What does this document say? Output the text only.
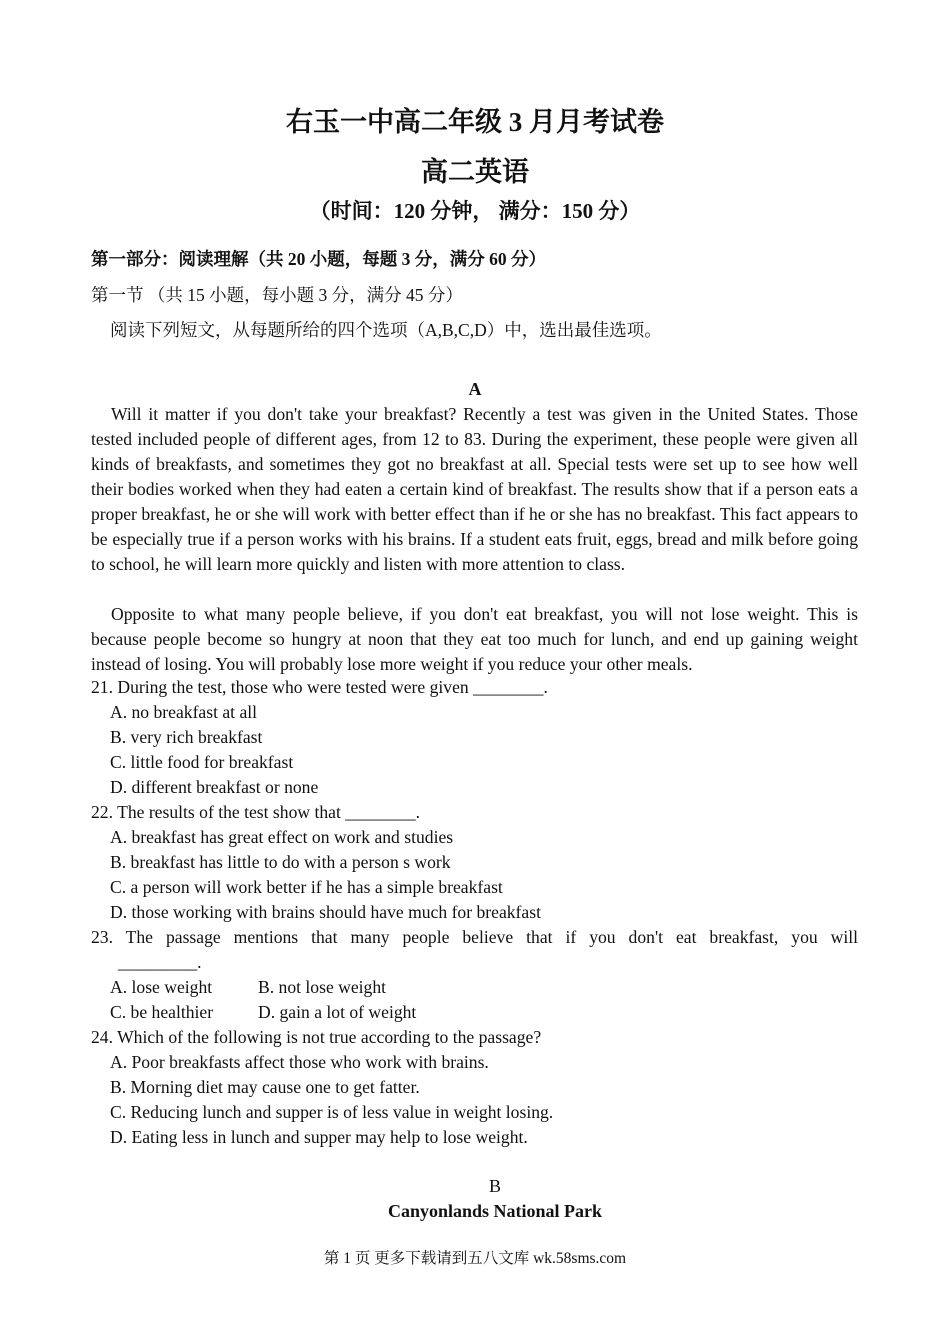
右玉一中高二年级 3 月月考试卷
高二英语
（时间：120 分钟， 满分：150 分）
第一部分：阅读理解（共 20 小题，每题 3 分，满分 60 分）
第一节 （共 15 小题，每小题 3 分，满分 45 分）
阅读下列短文，从每题所给的四个选项（A,B,C,D）中，选出最佳选项。
A

Will it matter if you don't take your breakfast? Recently a test was given in the United States. Those tested included people of different ages, from 12 to 83. During the experiment, these people were given all kinds of breakfasts, and sometimes they got no breakfast at all. Special tests were set up to see how well their bodies worked when they had eaten a certain kind of breakfast. The results show that if a person eats a proper breakfast, he or she will work with better effect than if he or she has no breakfast. This fact appears to be especially true if a person works with his brains. If a student eats fruit, eggs, bread and milk before going to school, he will learn more quickly and listen with more attention to class.

Opposite to what many people believe, if you don't eat breakfast, you will not lose weight. This is because people become so hungry at noon that they eat too much for lunch, and end up gaining weight instead of losing. You will probably lose more weight if you reduce your other meals.

21. During the test, those who were tested were given ________.
A. no breakfast at all
B. very rich breakfast
C. little food for breakfast
D. different breakfast or none
22. The results of the test show that ________.
A. breakfast has great effect on work and studies
B. breakfast has little to do with a person s work
C. a person will work better if he has a simple breakfast
D. those working with brains should have much for breakfast
23. The passage mentions that many people believe that if you don't eat breakfast, you will
_________.
A. lose weight	B. not lose weight
C. be healthier	D. gain a lot of weight
24. Which of the following is not true according to the passage?
A. Poor breakfasts affect those who work with brains.
B. Morning diet may cause one to get fatter.
C. Reducing lunch and supper is of less value in weight losing.
D. Eating less in lunch and supper may help to lose weight.
B
Canyonlands National Park
第 1 页 更多下载请到五八文库 wk.58sms.com
